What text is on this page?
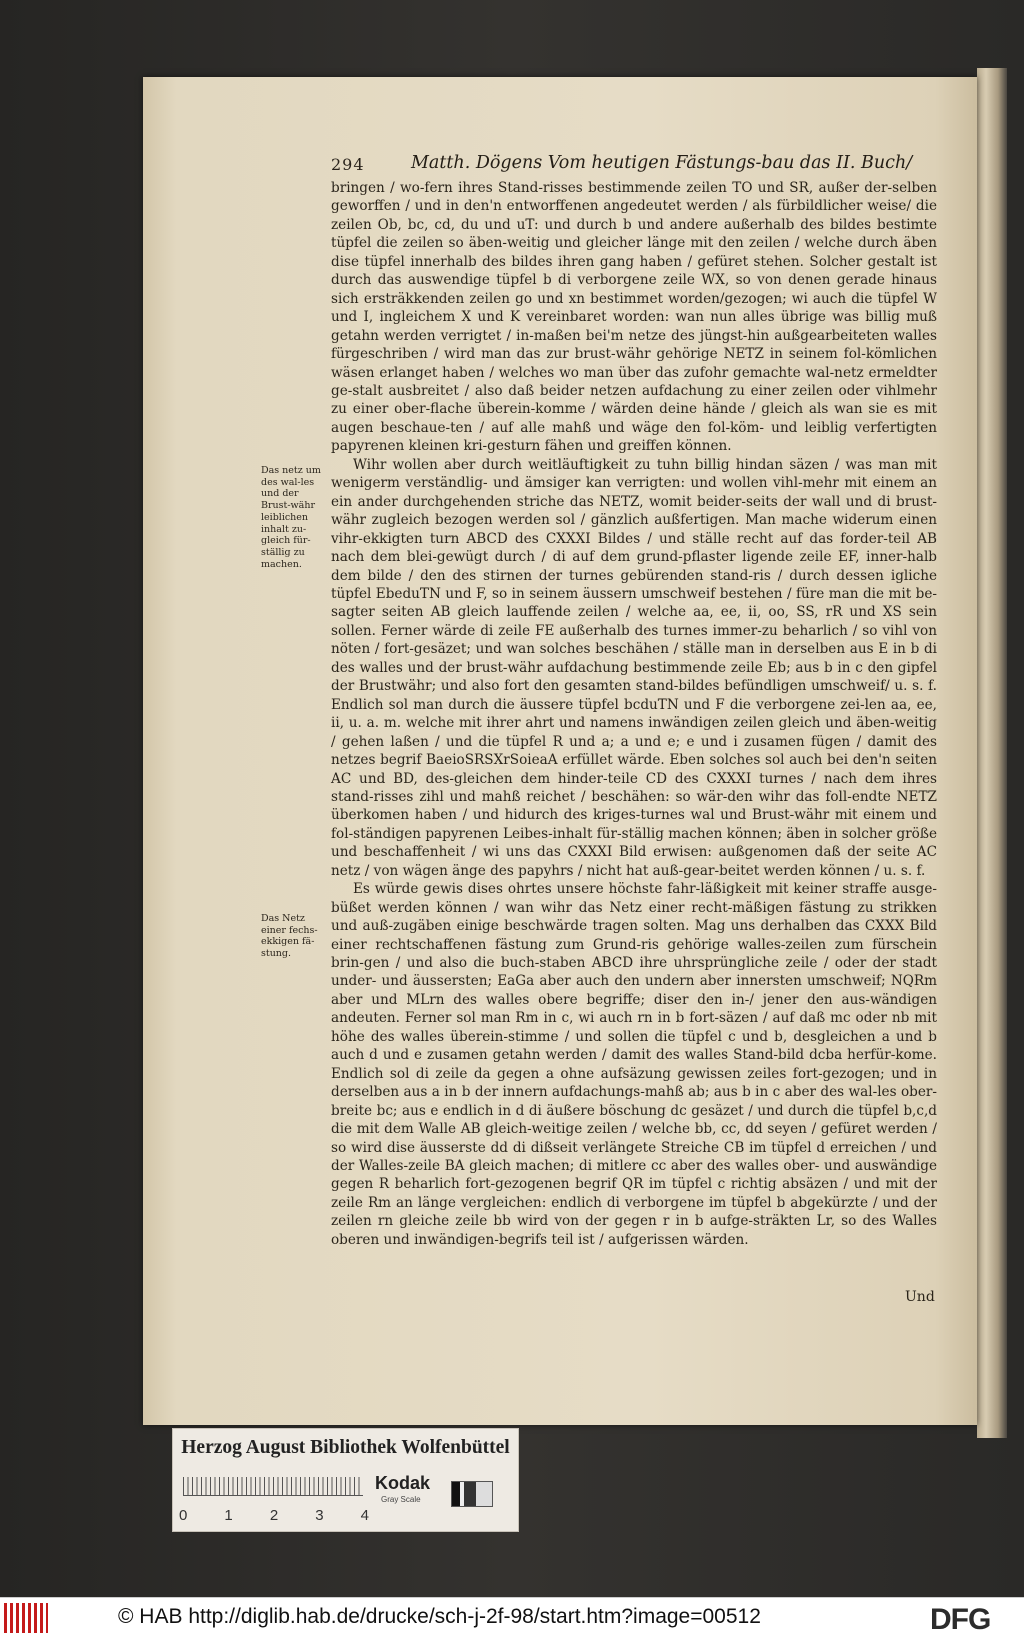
294	Matth. Dögens Vom heutigen Fästungs-bau das II. Buch/
Das netz um des wal-les und der Brust-währ leiblichen inhalt zu-gleich für-ställig zu machen.
Das Netz einer fechs-ekkigen fä-stung.

bringen / wo-fern ihres Stand-risses bestimmende zeilen TO und SR, außer der-selben geworffen / und in den'n entworffenen angedeutet werden / als fürbildlicher weise/ die zeilen Ob, bc, cd, du und uT: und durch b und andere außerhalb des bildes bestimte tüpfel die zeilen so äben-weitig und gleicher länge mit den zeilen / welche durch äben dise tüpfel innerhalb des bildes ihren gang haben / gefüret stehen. Solcher gestalt ist durch das auswendige tüpfel b di verborgene zeile WX, so von denen gerade hinaus sich ersträkkenden zeilen go und xn bestimmet worden/gezogen; wi auch die tüpfel W und I, ingleichem X und K vereinbaret worden: wan nun alles übrige was billig muß getahn werden verrigtet / in-maßen bei'm netze des jüngst-hin außgearbeiteten walles fürgeschriben / wird man das zur brust-währ gehörige NETZ in seinem fol-kömlichen wäsen erlanget haben / welches wo man über das zufohr gemachte wal-netz ermeldter ge-stalt ausbreitet / also daß beider netzen aufdachung zu einer zeilen oder vihlmehr zu einer ober-flache überein-komme / wärden deine hände / gleich als wan sie es mit augen beschaue-ten / auf alle mahß und wäge den fol-köm- und leiblig verfertigten papyrenen kleinen kri-gesturn fähen und greiffen können.

Wihr wollen aber durch weitläuftigkeit zu tuhn billig hindan säzen / was man mit wenigerm verständlig- und ämsiger kan verrigten: und wollen vihl-mehr mit einem an ein ander durchgehenden striche das NETZ, womit beider-seits der wall und di brust-währ zugleich bezogen werden sol / gänzlich außfertigen. Man mache widerum einen vihr-ekkigten turn ABCD des CXXXI Bildes / und ställe recht auf das forder-teil AB nach dem blei-gewügt durch / di auf dem grund-pflaster ligende zeile EF, inner-halb dem bilde / den des stirnen der turnes gebürenden stand-ris / durch dessen igliche tüpfel EbeduTN und F, so in seinem äussern umschweif bestehen / füre man die mit be-sagter seiten AB gleich lauffende zeilen / welche aa, ee, ii, oo, SS, rR und XS sein sollen. Ferner wärde di zeile FE außerhalb des turnes immer-zu beharlich / so vihl von nöten / fort-gesäzet; und wan solches beschähen / ställe man in derselben aus E in b di des walles und der brust-währ aufdachung bestimmende zeile Eb; aus b in c den gipfel der Brustwähr; und also fort den gesamten stand-bildes befündligen umschweif/ u. s. f. Endlich sol man durch die äussere tüpfel bcduTN und F die verborgene zei-len aa, ee, ii, u. a. m. welche mit ihrer ahrt und namens inwändigen zeilen gleich und äben-weitig / gehen laßen / und die tüpfel R und a; a und e; e und i zusamen fügen / damit des netzes begrif BaeioSRSXrSoieaA erfüllet wärde. Eben solches sol auch bei den'n seiten AC und BD, des-gleichen dem hinder-teile CD des CXXXI turnes / nach dem ihres stand-risses zihl und mahß reichet / beschähen: so wär-den wihr das foll-endte NETZ überkomen haben / und hidurch des kriges-turnes wal und Brust-währ mit einem und fol-ständigen papyrenen Leibes-inhalt für-ställig machen können; äben in solcher größe und beschaffenheit / wi uns das CXXXI Bild erwisen: außgenomen daß der seite AC netz / von wägen änge des papyhrs / nicht hat auß-gear-beitet werden können / u. s. f.

Es würde gewis dises ohrtes unsere höchste fahr-läßigkeit mit keiner straffe ausge-büßet werden können / wan wihr das Netz einer recht-mäßigen fästung zu strikken und auß-zugäben einige beschwärde tragen solten. Mag uns derhalben das CXXX Bild einer rechtschaffenen fästung zum Grund-ris gehörige walles-zeilen zum fürschein brin-gen / und also die buch-staben ABCD ihre uhrsprüngliche zeile / oder der stadt under- und äussersten; EaGa aber auch den undern aber innersten umschweif; NQRm aber und MLrn des walles obere begriffe; diser den in-/ jener den aus-wändigen andeuten. Ferner sol man Rm in c, wi auch rn in b fort-säzen / auf daß mc oder nb mit höhe des walles überein-stimme / und sollen die tüpfel c und b, desgleichen a und b auch d und e zusamen getahn werden / damit des walles Stand-bild dcba herfür-kome. Endlich sol di zeile da gegen a ohne aufsäzung gewissen zeiles fort-gezogen; und in derselben aus a in b der innern aufdachungs-mahß ab; aus b in c aber des wal-les ober-breite bc; aus e endlich in d di äußere böschung dc gesäzet / und durch die tüpfel b,c,d die mit dem Walle AB gleich-weitige zeilen / welche bb, cc, dd seyen / gefüret werden / so wird dise äusserste dd di dißseit verlängete Streiche CB im tüpfel d erreichen / und der Walles-zeile BA gleich machen; di mitlere cc aber des walles ober- und auswändige gegen R beharlich fort-gezogenen begrif QR im tüpfel c richtig absäzen / und mit der zeile Rm an länge vergleichen: endlich di verborgene im tüpfel b abgekürzte / und der zeilen rn gleiche zeile bb wird von der gegen r in b aufge-sträkten Lr, so des Walles oberen und inwändigen-begrifs teil ist / aufgerissen wärden.

Und
Herzog August Bibliothek Wolfenbüttel
0 1 2 3 4
Kodak
Gray Scale
© HAB http://diglib.hab.de/drucke/sch-j-2f-98/start.htm?image=00512	DFG
